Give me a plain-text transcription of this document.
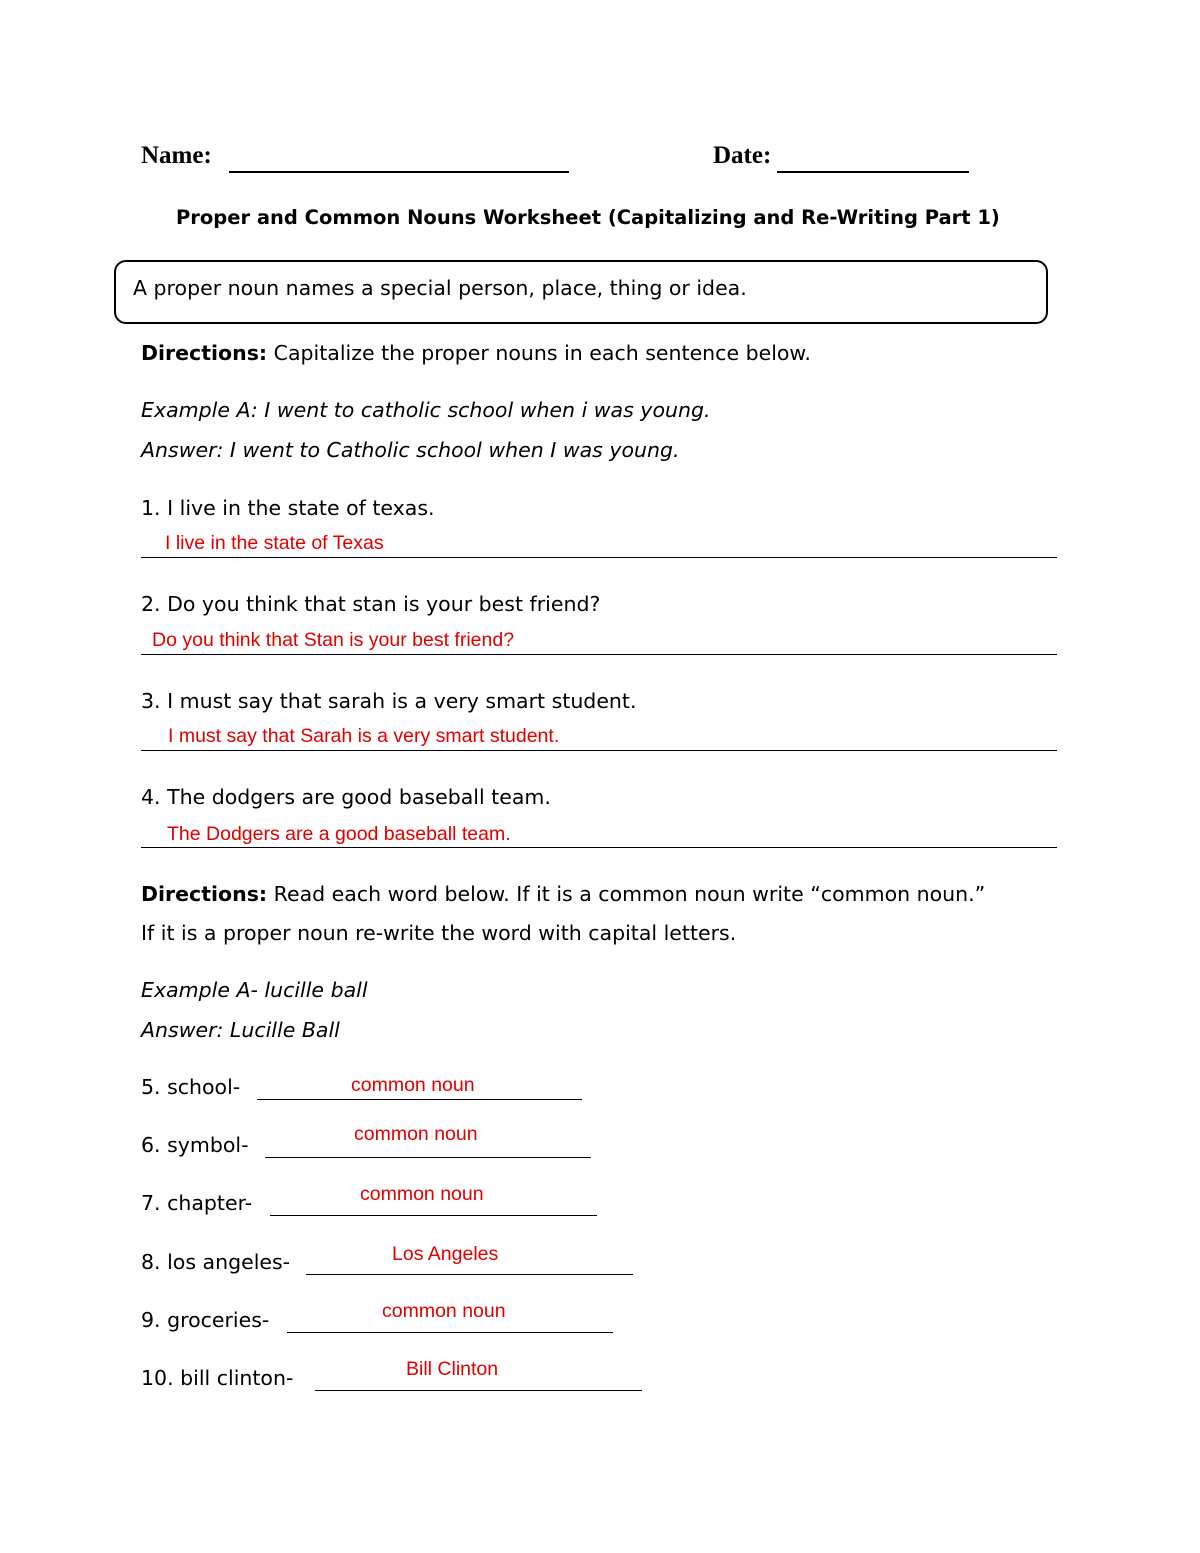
Name:	Date:
Proper and Common Nouns Worksheet (Capitalizing and Re-Writing Part 1)
A proper noun names a special person, place, thing or idea.
Directions: Capitalize the proper nouns in each sentence below.
Example A: I went to catholic school when i was young.
Answer: I went to Catholic school when I was young.
1. I live in the state of texas.
I live in the state of Texas
2. Do you think that stan is your best friend?
Do you think that Stan is your best friend?
3. I must say that sarah is a very smart student.
I must say that Sarah is a very smart student.
4. The dodgers are good baseball team.
The Dodgers are a good baseball team.
Directions: Read each word below. If it is a common noun write “common noun.”
If it is a proper noun re-write the word with capital letters.
Example A- lucille ball
Answer: Lucille Ball
5. school-	common noun
6. symbol-	common noun
7. chapter-	common noun
8. los angeles-	Los Angeles
9. groceries-	common noun
10. bill clinton-	Bill Clinton
